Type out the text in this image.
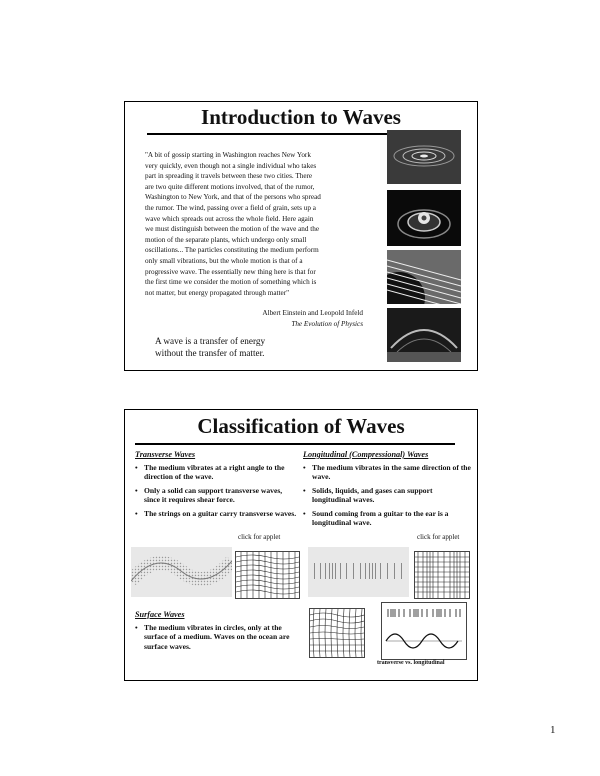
Introduction to Waves
"A bit of gossip starting in Washington reaches New York
very quickly, even though not a single individual who takes
part in spreading it travels between these two cities. There
are two quite different motions involved, that of the rumor,
Washington to New York, and that of the persons who spread
the rumor. The wind, passing over a field of grain, sets up a
wave which spreads out across the whole field. Here again
we must distinguish between the motion of the wave and the
motion of the separate plants, which undergo only small
oscillations... The particles constituting the medium perform
only small vibrations, but the whole motion is that of a
progressive wave. The essentially new thing here is that for
the first time we consider the motion of something which is
not matter, but energy propagated through matter"
Albert Einstein and Leopold Infeld
The Evolution of Physics
A wave is a transfer of energy
without the transfer of matter.
Classification of Waves
Transverse Waves
• The medium vibrates at a right angle to the direction of the wave.
• Only a solid can support transverse waves, since it requires shear force.
• The strings on a guitar carry transverse waves.
click for applet
Longitudinal (Compressional) Waves
• The medium vibrates in the same direction of the wave.
• Solids, liquids, and gases can support longitudinal waves.
• Sound coming from a guitar to the ear is a longitudinal wave.
click for applet
Surface Waves
• The medium vibrates in circles, only at the surface of a medium. Waves on the ocean are surface waves.
transverse vs. longitudinal
1
